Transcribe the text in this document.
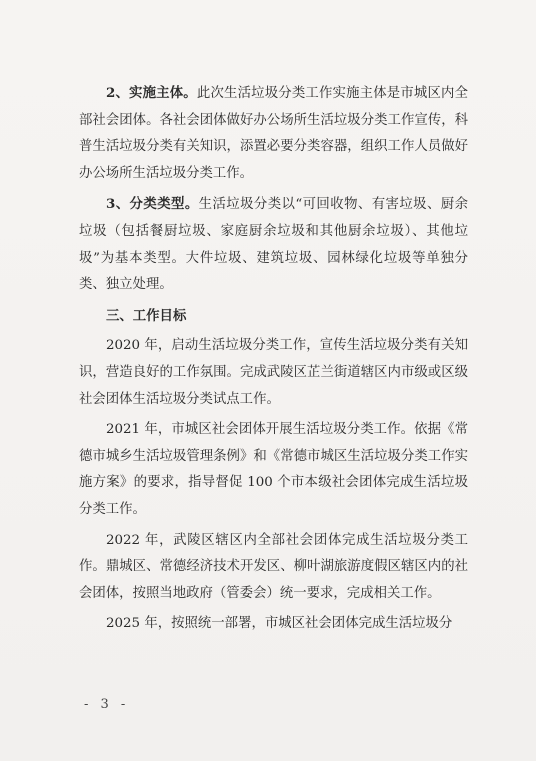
2、实施主体。此次生活垃圾分类工作实施主体是市城区内全部社会团体。各社会团体做好办公场所生活垃圾分类工作宣传，科普生活垃圾分类有关知识，添置必要分类容器，组织工作人员做好办公场所生活垃圾分类工作。

3、分类类型。生活垃圾分类以“可回收物、有害垃圾、厨余垃圾（包括餐厨垃圾、家庭厨余垃圾和其他厨余垃圾）、其他垃圾”为基本类型。大件垃圾、建筑垃圾、园林绿化垃圾等单独分类、独立处理。

三、工作目标

2020 年，启动生活垃圾分类工作，宣传生活垃圾分类有关知识，营造良好的工作氛围。完成武陵区芷兰街道辖区内市级或区级社会团体生活垃圾分类试点工作。

2021 年，市城区社会团体开展生活垃圾分类工作。依据《常德市城乡生活垃圾管理条例》和《常德市城区生活垃圾分类工作实施方案》的要求，指导督促 100 个市本级社会团体完成生活垃圾分类工作。

2022 年，武陵区辖区内全部社会团体完成生活垃圾分类工作。鼎城区、常德经济技术开发区、柳叶湖旅游度假区辖区内的社会团体，按照当地政府（管委会）统一要求，完成相关工作。

2025 年，按照统一部署，市城区社会团体完成生活垃圾分

- 3 -
